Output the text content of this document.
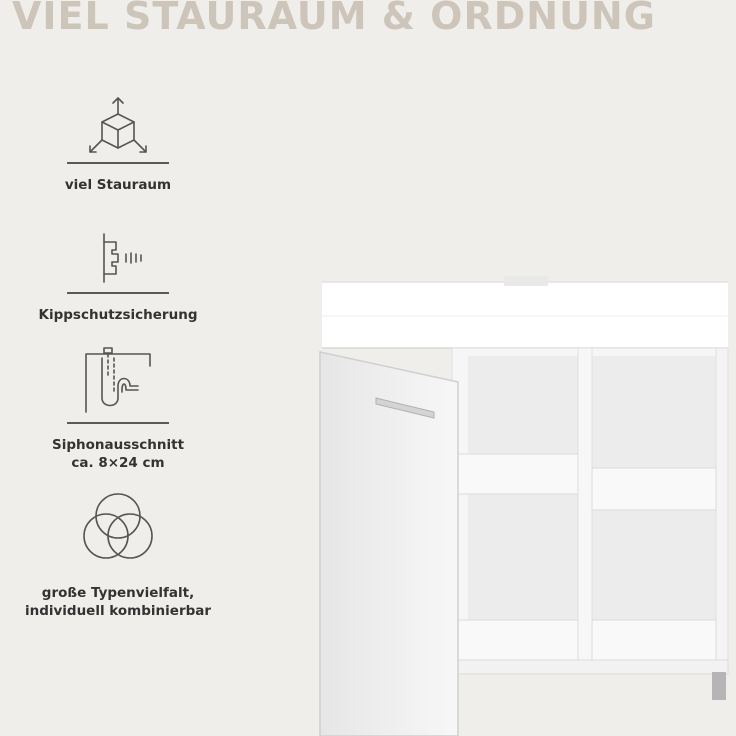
VIEL STAURAUM & ORDNUNG
viel Stauraum
Kippschutzsicherung
Siphonausschnitt
ca. 8×24 cm
große Typenvielfalt,
individuell kombinierbar
